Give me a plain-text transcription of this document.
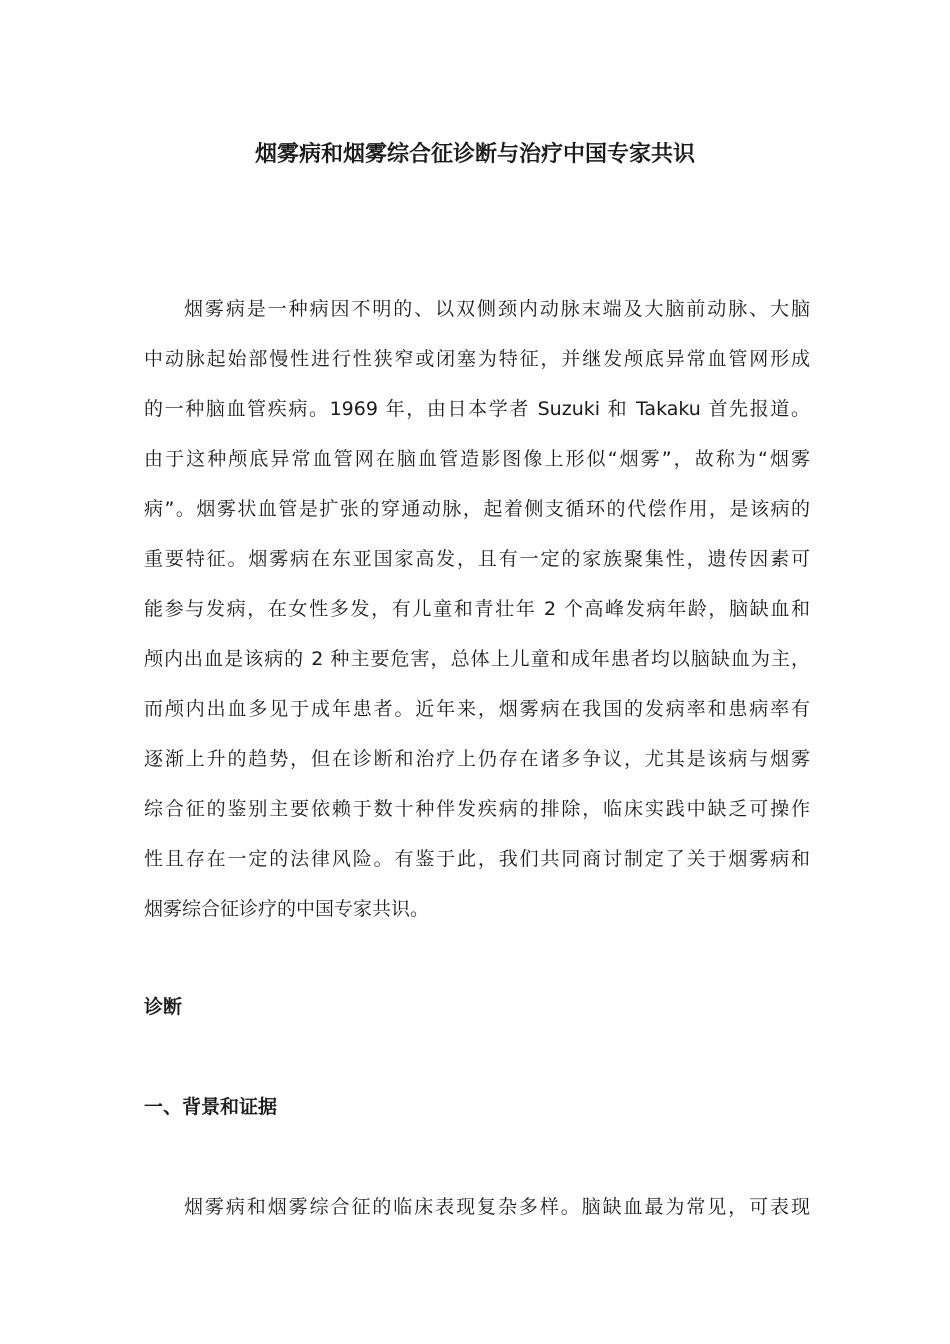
烟雾病和烟雾综合征诊断与治疗中国专家共识
烟雾病是一种病因不明的、以双侧颈内动脉末端及大脑前动脉、大脑
中动脉起始部慢性进行性狭窄或闭塞为特征，并继发颅底异常血管网形成
的一种脑血管疾病。1969 年，由日本学者 Suzuki 和 Takaku 首先报道。
由于这种颅底异常血管网在脑血管造影图像上形似“烟雾”，故称为“烟雾
病”。烟雾状血管是扩张的穿通动脉，起着侧支循环的代偿作用，是该病的
重要特征。烟雾病在东亚国家高发，且有一定的家族聚集性，遗传因素可
能参与发病，在女性多发，有儿童和青壮年 2 个高峰发病年龄，脑缺血和
颅内出血是该病的 2 种主要危害，总体上儿童和成年患者均以脑缺血为主，
而颅内出血多见于成年患者。近年来，烟雾病在我国的发病率和患病率有
逐渐上升的趋势，但在诊断和治疗上仍存在诸多争议，尤其是该病与烟雾
综合征的鉴别主要依赖于数十种伴发疾病的排除，临床实践中缺乏可操作
性且存在一定的法律风险。有鉴于此，我们共同商讨制定了关于烟雾病和
烟雾综合征诊疗的中国专家共识。
诊断
一、背景和证据
烟雾病和烟雾综合征的临床表现复杂多样。脑缺血最为常见，可表现
